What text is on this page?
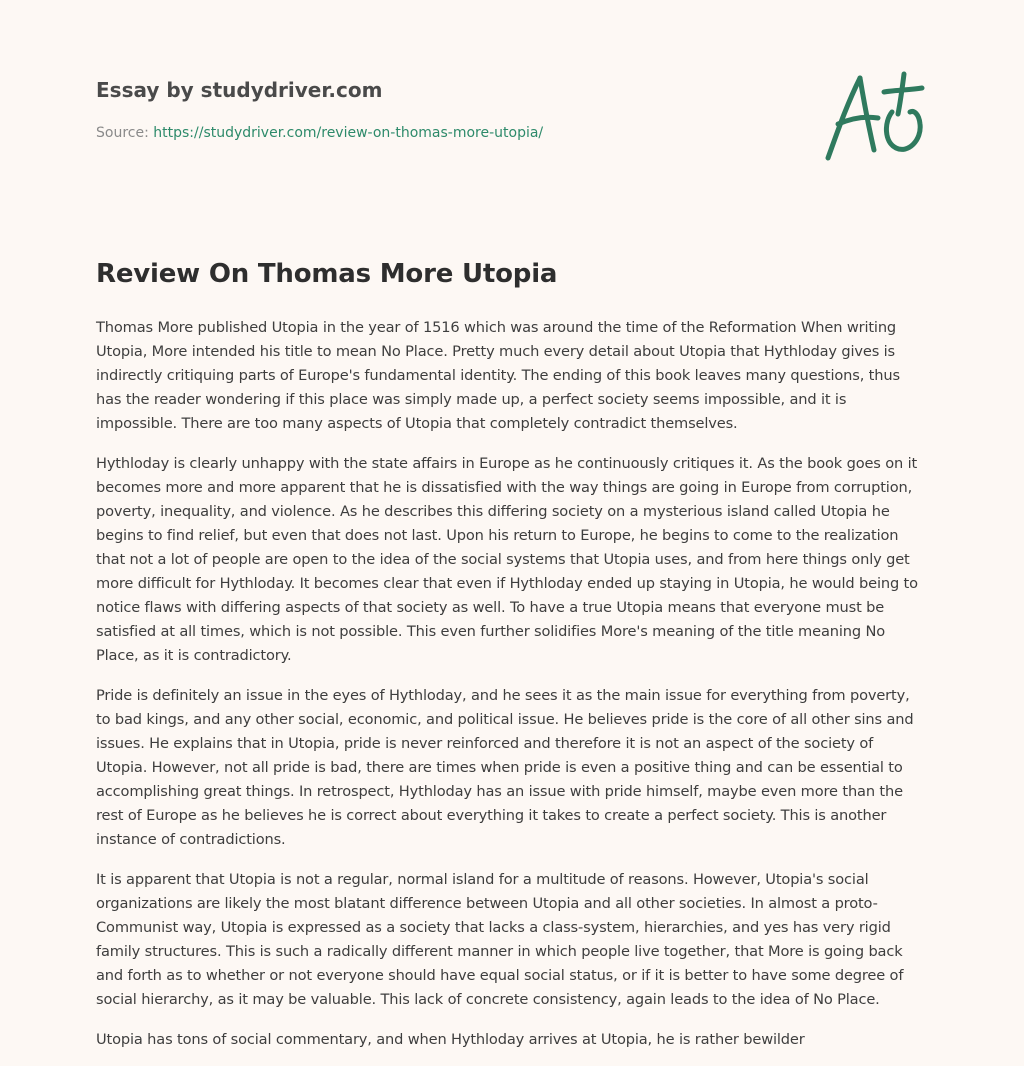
Essay by studydriver.com
Source: https://studydriver.com/review-on-thomas-more-utopia/
Review On Thomas More Utopia

Thomas More published Utopia in the year of 1516 which was around the time of the Reformation When writing Utopia, More intended his title to mean No Place. Pretty much every detail about Utopia that Hythloday gives is indirectly critiquing parts of Europe's fundamental identity. The ending of this book leaves many questions, thus has the reader wondering if this place was simply made up, a perfect society seems impossible, and it is impossible. There are too many aspects of Utopia that completely contradict themselves.

Hythloday is clearly unhappy with the state affairs in Europe as he continuously critiques it. As the book goes on it becomes more and more apparent that he is dissatisfied with the way things are going in Europe from corruption, poverty, inequality, and violence. As he describes this differing society on a mysterious island called Utopia he begins to find relief, but even that does not last. Upon his return to Europe, he begins to come to the realization that not a lot of people are open to the idea of the social systems that Utopia uses, and from here things only get more difficult for Hythloday. It becomes clear that even if Hythloday ended up staying in Utopia, he would being to notice flaws with differing aspects of that society as well. To have a true Utopia means that everyone must be satisfied at all times, which is not possible. This even further solidifies More's meaning of the title meaning No Place, as it is contradictory.

Pride is definitely an issue in the eyes of Hythloday, and he sees it as the main issue for everything from poverty, to bad kings, and any other social, economic, and political issue. He believes pride is the core of all other sins and issues. He explains that in Utopia, pride is never reinforced and therefore it is not an aspect of the society of Utopia. However, not all pride is bad, there are times when pride is even a positive thing and can be essential to accomplishing great things. In retrospect, Hythloday has an issue with pride himself, maybe even more than the rest of Europe as he believes he is correct about everything it takes to create a perfect society. This is another instance of contradictions.

It is apparent that Utopia is not a regular, normal island for a multitude of reasons. However, Utopia's social organizations are likely the most blatant difference between Utopia and all other societies. In almost a proto-Communist way, Utopia is expressed as a society that lacks a class-system, hierarchies, and yes has very rigid family structures. This is such a radically different manner in which people live together, that More is going back and forth as to whether or not everyone should have equal social status, or if it is better to have some degree of social hierarchy, as it may be valuable. This lack of concrete consistency, again leads to the idea of No Place.

Utopia has tons of social commentary, and when Hythloday arrives at Utopia, he is rather bewilder
